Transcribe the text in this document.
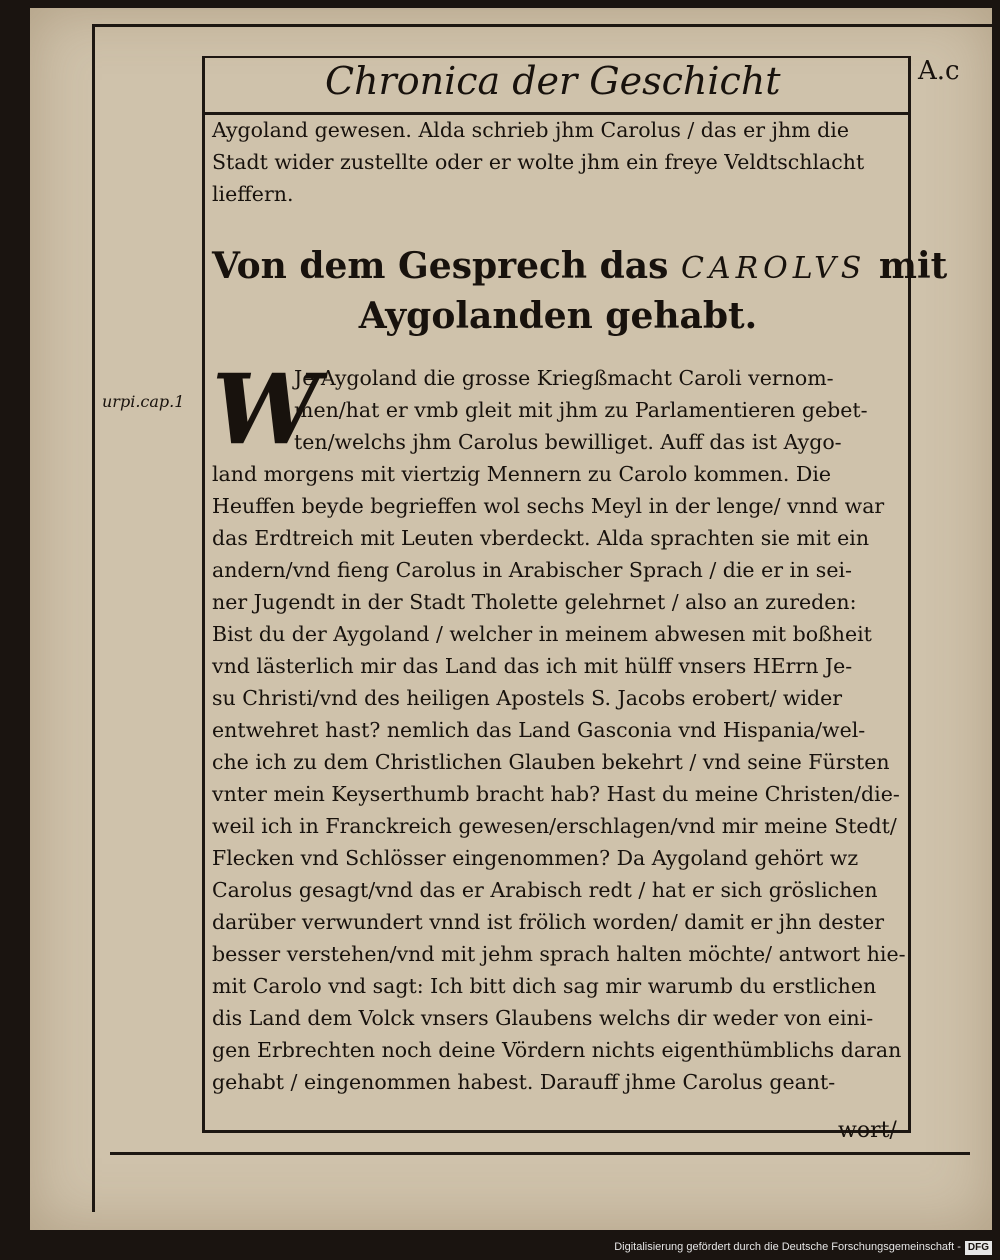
Chronica der Geschicht	A.c
urpi.cap.1
Aygoland gewesen. Alda schrieb jhm Carolus / das er jhm die
Stadt wider zustellte oder er wolte jhm ein freye Veldtschlacht
lieffern.
Von dem Gesprech das CAROLVS mit
Aygolanden gehabt.
W
Je Aygoland die grosse Kriegßmacht Caroli vernom-
men/hat er vmb gleit mit jhm zu Parlamentieren gebet-
ten/welchs jhm Carolus bewilliget. Auff das ist Aygo-
land morgens mit viertzig Mennern zu Carolo kommen. Die
Heuffen beyde begrieffen wol sechs Meyl in der lenge/ vnnd war
das Erdtreich mit Leuten vberdeckt. Alda sprachten sie mit ein
andern/vnd fieng Carolus in Arabischer Sprach / die er in sei-
ner Jugendt in der Stadt Tholette gelehrnet / also an zureden:
Bist du der Aygoland / welcher in meinem abwesen mit boßheit
vnd lästerlich mir das Land das ich mit hülff vnsers HErrn Je-
su Christi/vnd des heiligen Apostels S. Jacobs erobert/ wider
entwehret hast? nemlich das Land Gasconia vnd Hispania/wel-
che ich zu dem Christlichen Glauben bekehrt / vnd seine Fürsten
vnter mein Keyserthumb bracht hab? Hast du meine Christen/die-
weil ich in Franckreich gewesen/erschlagen/vnd mir meine Stedt/
Flecken vnd Schlösser eingenommen? Da Aygoland gehört wz
Carolus gesagt/vnd das er Arabisch redt / hat er sich gröslichen
darüber verwundert vnnd ist frölich worden/ damit er jhn dester
besser verstehen/vnd mit jehm sprach halten möchte/ antwort hie-
mit Carolo vnd sagt: Ich bitt dich sag mir warumb du erstlichen
dis Land dem Volck vnsers Glaubens welchs dir weder von eini-
gen Erbrechten noch deine Vördern nichts eigenthümblichs daran
gehabt / eingenommen habest. Darauff jhme Carolus geant-
wort/
Digitalisierung gefördert durch die Deutsche Forschungsgemeinschaft - DFG
